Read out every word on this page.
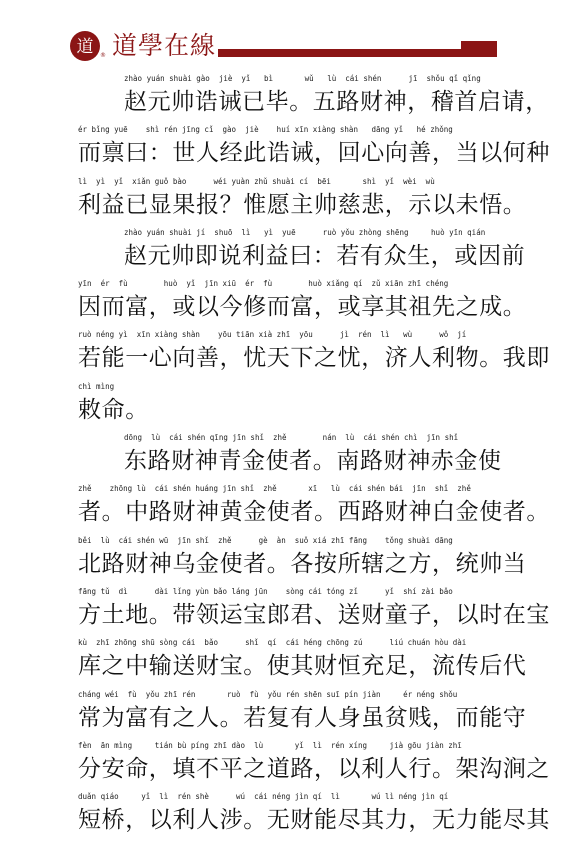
道 ® 道學在線
zhào yuán shuài gào  jiè  yǐ   bì       wǔ   lù  cái shén      jī  shǒu qǐ qǐng
赵元帅诰诫已毕。五路财神，稽首启请，
ér bǐng yuē    shì rén jīng cǐ  gào  jiè    huí xīn xiàng shàn   dāng yǐ   hé zhǒng
而禀曰：世人经此诰诫，回心向善，当以何种
lì  yì  yǐ  xiǎn guǒ bào      wéi yuàn zhǔ shuài cí  bēi       shì  yǐ  wèi  wù
利益已显果报？惟愿主帅慈悲，示以未悟。
zhào yuán shuài jí  shuō  lì   yì  yuē      ruò yǒu zhòng shēng     huò yīn qián
赵元帅即说利益曰：若有众生，或因前
yīn  ér  fù        huò  yǐ  jīn xiū  ér  fù        huò xiǎng qí  zǔ xiān zhī chéng
因而富，或以今修而富，或享其祖先之成。
ruò néng yì  xīn xiàng shàn    yōu tiān xià zhī  yōu      jì  rén  lì   wù      wǒ  jí
若能一心向善，忧天下之忧，济人利物。我即
chì mìng
敕命。
dōng  lù  cái shén qīng jīn shǐ  zhě        nán  lù  cái shén chì  jīn shǐ
东路财神青金使者。南路财神赤金使
zhě    zhōng lù  cái shén huáng jīn shǐ  zhě       xī   lù  cái shén bái  jīn  shǐ  zhě
者。中路财神黄金使者。西路财神白金使者。
běi  lù  cái shén wū  jīn shǐ  zhě      gè  àn  suǒ xiá zhī fāng    tǒng shuài dāng
北路财神乌金使者。各按所辖之方，统帅当
fāng tǔ  dì      dài lǐng yùn bǎo láng jūn    sòng cái tóng zǐ      yǐ  shí zài bǎo
方土地。带领运宝郎君、送财童子，以时在宝
kù  zhī zhōng shū sòng cái  bǎo      shǐ  qí  cái héng chōng zú      liú chuán hòu dài
库之中输送财宝。使其财恒充足，流传后代
cháng wéi  fù  yǒu zhī rén       ruò  fù  yǒu rén shēn suī pín jiàn     ér néng shǒu
常为富有之人。若复有人身虽贫贱，而能守
fèn  ān mìng     tián bù píng zhī dào  lù       yǐ  lì  rén xíng     jià gōu jiàn zhī
分安命，填不平之道路，以利人行。架沟涧之
duǎn qiáo     yǐ  lì  rén shè      wú  cái néng jìn qí  lì       wú lì néng jìn qí
短桥，以利人涉。无财能尽其力，无力能尽其
